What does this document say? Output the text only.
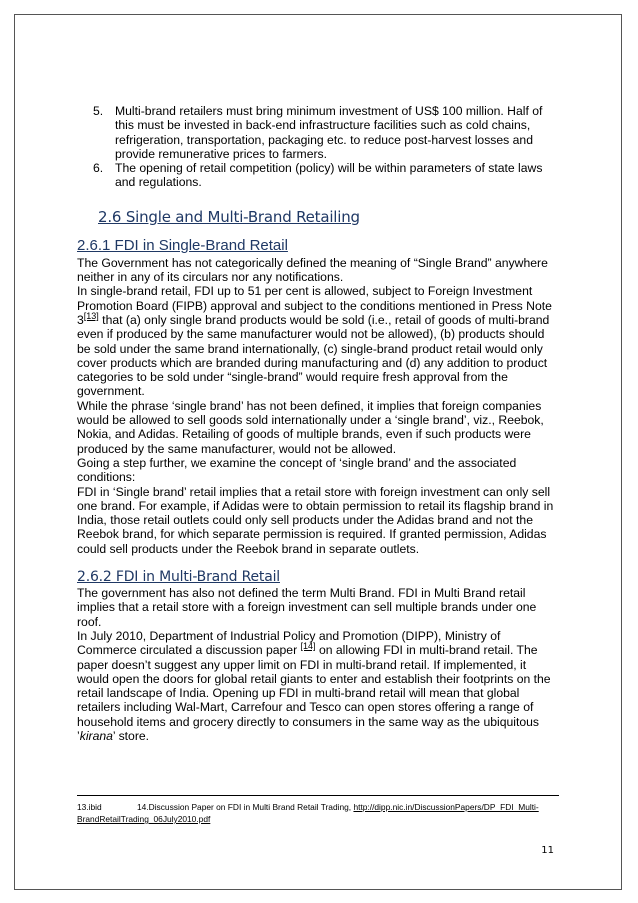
5. Multi-brand retailers must bring minimum investment of US$ 100 million. Half of this must be invested in back-end infrastructure facilities such as cold chains, refrigeration, transportation, packaging etc. to reduce post-harvest losses and provide remunerative prices to farmers.
6. The opening of retail competition (policy) will be within parameters of state laws and regulations.
2.6 Single and Multi-Brand Retailing
2.6.1 FDI in Single-Brand Retail

The Government has not categorically defined the meaning of “Single Brand” anywhere neither in any of its circulars nor any notifications.

In single-brand retail, FDI up to 51 per cent is allowed, subject to Foreign Investment Promotion Board (FIPB) approval and subject to the conditions mentioned in Press Note 3[13] that (a) only single brand products would be sold (i.e., retail of goods of multi-brand even if produced by the same manufacturer would not be allowed), (b) products should be sold under the same brand internationally, (c) single-brand product retail would only cover products which are branded during manufacturing and (d) any addition to product categories to be sold under “single-brand” would require fresh approval from the government.

While the phrase ‘single brand’ has not been defined, it implies that foreign companies would be allowed to sell goods sold internationally under a ‘single brand’, viz., Reebok, Nokia, and Adidas. Retailing of goods of multiple brands, even if such products were produced by the same manufacturer, would not be allowed.

Going a step further, we examine the concept of ‘single brand’ and the associated conditions:

FDI in ‘Single brand’ retail implies that a retail store with foreign investment can only sell one brand. For example, if Adidas were to obtain permission to retail its flagship brand in India, those retail outlets could only sell products under the Adidas brand and not the Reebok brand, for which separate permission is required. If granted permission, Adidas could sell products under the Reebok brand in separate outlets.

2.6.2 FDI in Multi-Brand Retail

The government has also not defined the term Multi Brand. FDI in Multi Brand retail implies that a retail store with a foreign investment can sell multiple brands under one roof.

In July 2010, Department of Industrial Policy and Promotion (DIPP), Ministry of Commerce circulated a discussion paper [14] on allowing FDI in multi-brand retail. The paper doesn’t suggest any upper limit on FDI in multi-brand retail. If implemented, it would open the doors for global retail giants to enter and establish their footprints on the retail landscape of India. Opening up FDI in multi-brand retail will mean that global retailers including Wal-Mart, Carrefour and Tesco can open stores offering a range of household items and grocery directly to consumers in the same way as the ubiquitous ’kirana’ store.

13.ibid	14.Discussion Paper on FDI in Multi Brand Retail Trading, http://dipp.nic.in/DiscussionPapers/DP_FDI_Multi-BrandRetailTrading_06July2010.pdf
11
